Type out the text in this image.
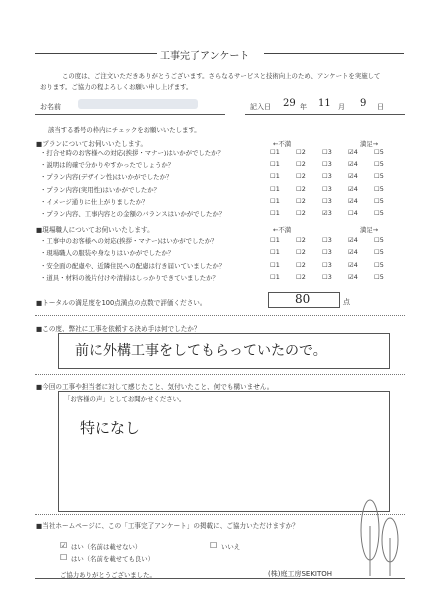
工事完了アンケート
この度は、ご注文いただきありがとうございます。さらなるサービスと技術向上のため、アンケートを実施して
おります。ご協力の程よろしくお願い申し上げます。
お名前	記入日 29 年 11 月 9 日
該当する番号の枠内にチェックをお願いいたします。
■プランについてお伺いいたします。	←不満	満足→
・打合せ時のお客様への対応(挨拶・マナー)はいかがでしたか？	☐1	☐2	☐3	☑4	☐5
・説明は的確で分かりやすかったでしょうか？	☐1	☐2	☐3	☑4	☐5
・プラン内容(デザイン性)はいかがでしたか？	☐1	☐2	☐3	☑4	☐5
・プラン内容(実用性)はいかがでしたか？	☐1	☐2	☐3	☑4	☐5
・イメージ通りに仕上がりましたか？	☐1	☐2	☐3	☑4	☐5
・プラン内容、工事内容との金額のバランスはいかがでしたか？	☐1	☐2	☑3	☐4	☐5
■現場職人についてお伺いいたします。	←不満	満足→
・工事中のお客様への対応(挨拶・マナー)はいかがでしたか？	☐1	☐2	☐3	☑4	☐5
・現場職人の服装や身なりはいかがでしたか？	☐1	☐2	☐3	☑4	☐5
・安全面の配慮や、近隣住民への配慮は行き届いていましたか？	☐1	☐2	☐3	☑4	☐5
・道具・材料の後片付けや清掃はしっかりできていましたか？	☐1	☐2	☐3	☑4	☐5
■トータルの満足度を100点満点の点数で評価ください。	80	点
■この度、弊社に工事を依頼する決め手は何でしたか？
前に外構工事をしてもらっていたので。
■今回の工事や担当者に対して感じたこと、気付いたこと、何でも構いません。
「お客様の声」としてお聞かせください。
特になし
■当社ホームページに、この「工事完了アンケート」の掲載に、ご協力いただけますか？
☑ はい（名前は載せない）	☐ いいえ
☐ はい（名前を載せても良い）
ご協力ありがとうございました。	(株)庭工房SEKITOH
